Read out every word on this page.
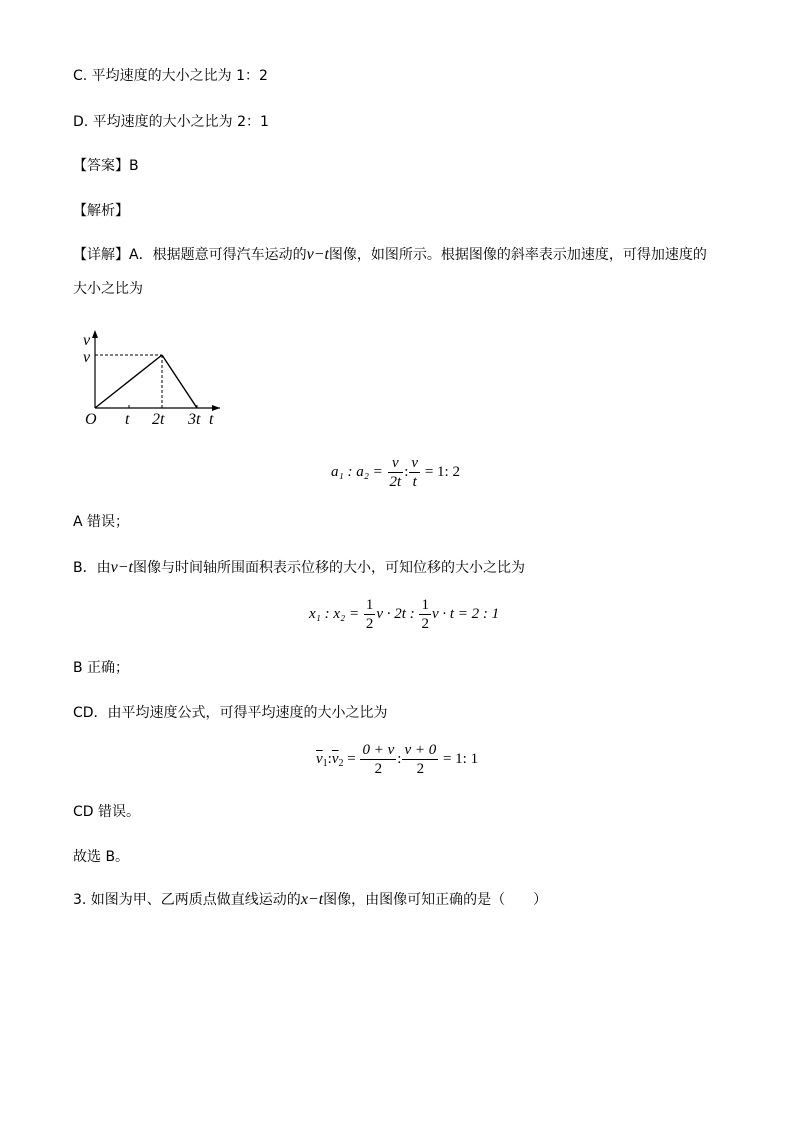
C. 平均速度的大小之比为 1：2
D. 平均速度的大小之比为 2：1
【答案】B
【解析】
【详解】A．根据题意可得汽车运动的v−t图像，如图所示。根据图像的斜率表示加速度，可得加速度的
大小之比为
v
v
O t 2t 3t t
a₁ : $a_2 = \frac{v}{2t}$ : $\frac{v}{t} = 1$: 2
A 错误；
B．由v−t图像与时间轴所围面积表示位移的大小，可知位移的大小之比为
x₁ : $x_2 = \frac{1}{2}$ v · 2t : $\frac{1}{2}$ v · t = 2 : 1
B 正确；
CD．由平均速度公式，可得平均速度的大小之比为
$\overline{v}_1:\overline{v}_2 = \frac{0 + v}{2}$ : $\frac{v + 0}{2} = 1$: 1
CD 错误。
故选 B。
3. 如图为甲、乙两质点做直线运动的x−t图像，由图像可知正确的是（　　）
